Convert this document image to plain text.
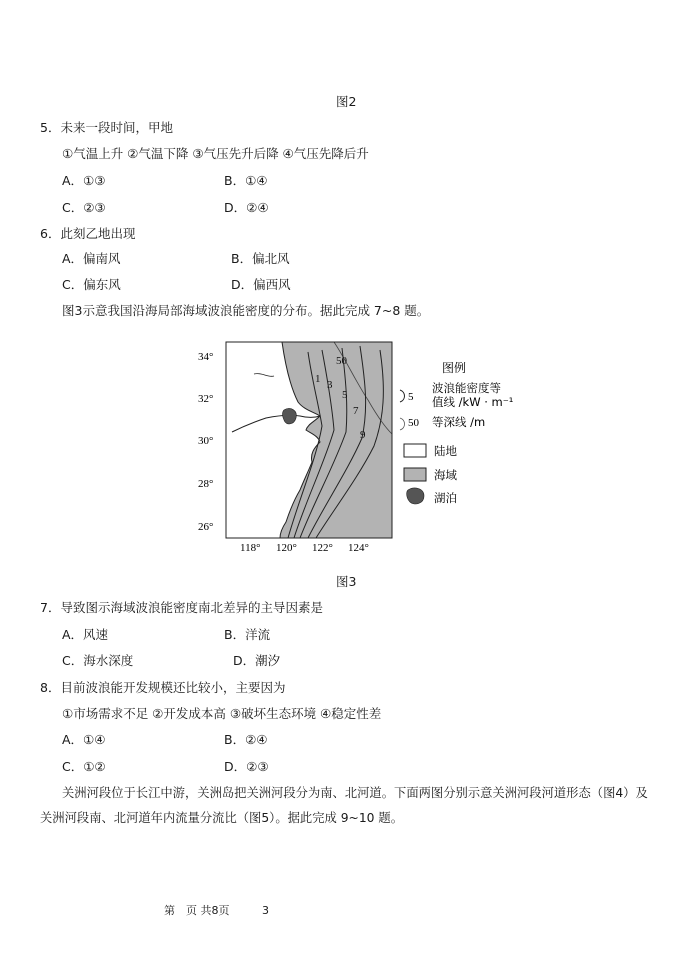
图2
5．未来一段时间，甲地
①气温上升 ②气温下降 ③气压先升后降 ④气压先降后升
A．①③	B．①④
C．②③	D．②④
6．此刻乙地出现
A．偏南风	B．偏北风
C．偏东风	D．偏西风
图3示意我国沿海局部海域波浪能密度的分布。据此完成 7~8 题。
1 3
5
7
9
50
34°
32°
30°
28°
26°
118° 120° 122° 124°
图例
5
波浪能密度等
值线 /kW · m⁻¹
50 等深线 /m
陆地
海域
湖泊
图3
7．导致图示海域波浪能密度南北差异的主导因素是
A．风速	B．洋流
C．海水深度	D．潮汐
8．目前波浪能开发规模还比较小，主要因为
①市场需求不足 ②开发成本高 ③破坏生态环境 ④稳定性差
A．①④	B．②④
C．①②	D．②③
关洲河段位于长江中游，关洲岛把关洲河段分为南、北河道。下面两图分别示意关洲河段河道形态（图4）及
关洲河段南、北河道年内流量分流比（图5）。据此完成 9~10 题。
第　页 共8页	3
